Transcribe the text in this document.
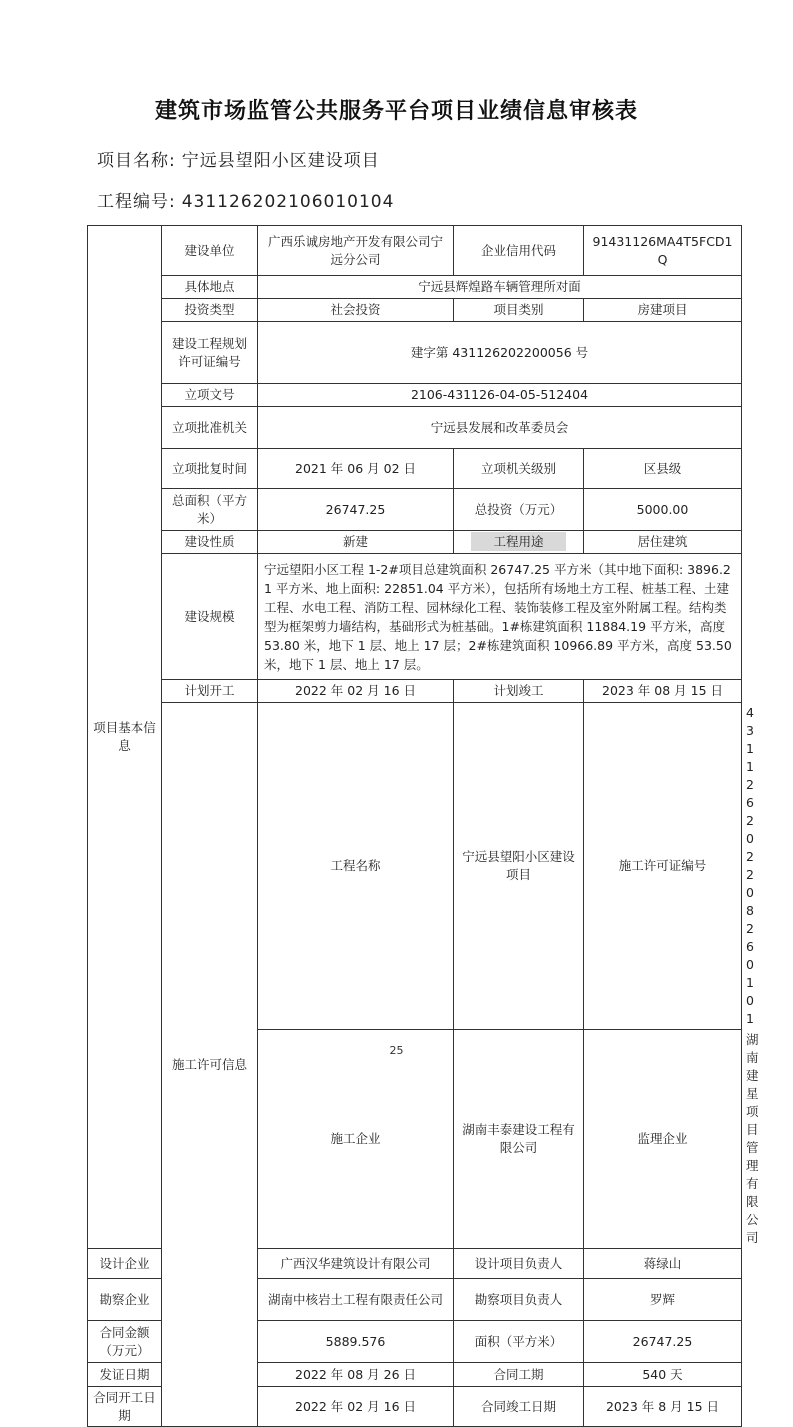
建筑市场监管公共服务平台项目业绩信息审核表
项目名称: 宁远县望阳小区建设项目
工程编号: 431126202106010104
项目基本信息	建设单位	广西乐诚房地产开发有限公司宁远分公司	企业信用代码	91431126MA4T5FCD1Q	
	具体地点	宁远县辉煌路车辆管理所对面			
	投资类型	社会投资	项目类别	房建项目	
	建设工程规划许可证编号	建字第 431126202200056 号			
	立项文号	2106-431126-04-05-512404			
	立项批准机关	宁远县发展和改革委员会			
	立项批复时间	2021 年 06 月 02 日	立项机关级别	区县级	
	总面积（平方米）	26747.25	总投资（万元）	5000.00	
	建设性质	新建	工程用途	居住建筑	
	建设规模	宁远望阳小区工程 1-2#项目总建筑面积 26747.25 平方米（其中地下面积: 3896.21 平方米、地上面积: 22851.04 平方米），包括所有场地土方工程、桩基工程、土建工程、水电工程、消防工程、园林绿化工程、装饰装修工程及室外附属工程。结构类型为框架剪力墙结构，基础形式为桩基础。1#栋建筑面积 11884.19 平方米，高度 53.80 米，地下 1 层、地上 17 层；2#栋建筑面积 10966.89 平方米，高度 53.50 米，地下 1 层、地上 17 层。			
	计划开工	2022 年 02 月 16 日	计划竣工	2023 年 08 月 15 日	
	施工许可信息	工程名称	宁远县望阳小区建设项目	施工许可证编号	431126202208260101
		施工企业	湖南丰泰建设工程有限公司	监理企业	湖南建星项目管理有限公司
设计企业		广西汉华建筑设计有限公司	设计项目负责人	蒋绿山	
勘察企业		湖南中核岩土工程有限责任公司	勘察项目负责人	罗辉	
合同金额（万元）		5889.576	面积（平方米）	26747.25	
发证日期		2022 年 08 月 26 日	合同工期	540 天	
合同开工日期		2022 年 02 月 16 日	合同竣工日期	2023 年 8 月 15 日	
25
